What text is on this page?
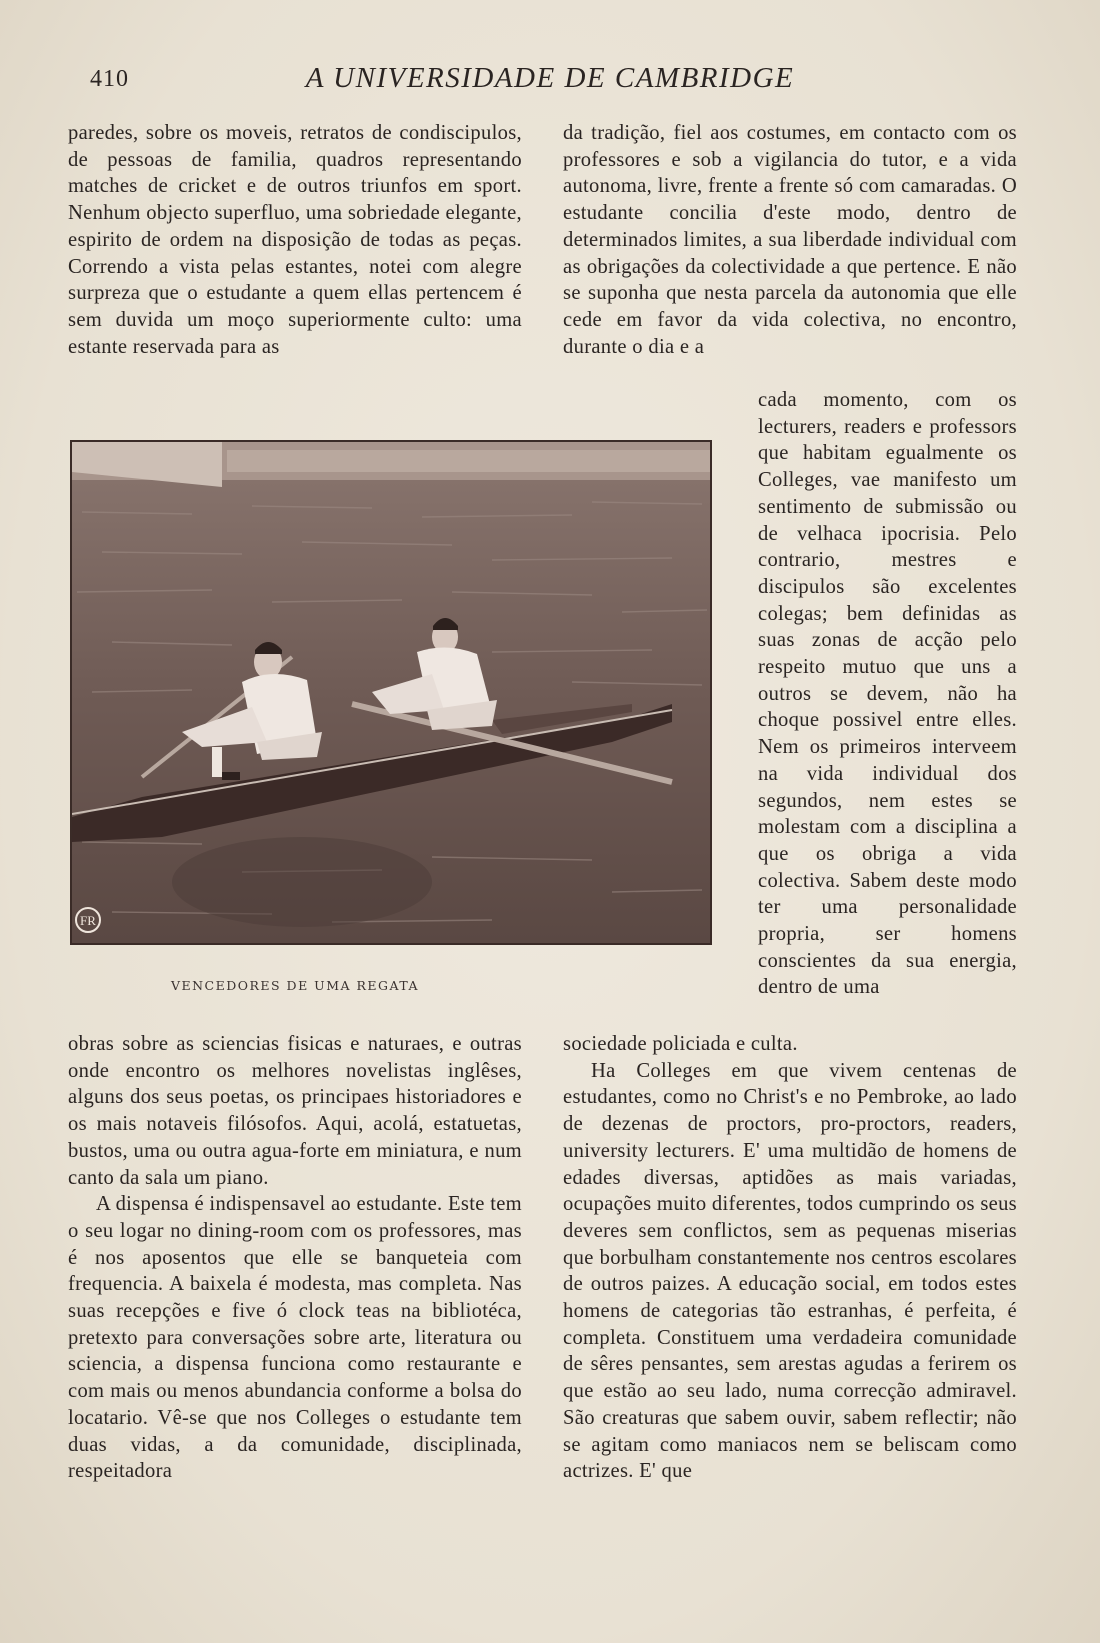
410	A UNIVERSIDADE DE CAMBRIDGE

paredes, sobre os moveis, retratos de condiscipulos, de pessoas de familia, quadros representando matches de cricket e de outros triunfos em sport. Nenhum objecto superfluo, uma sobriedade elegante, espirito de ordem na disposição de todas as peças. Correndo a vista pelas estantes, notei com alegre surpreza que o estudante a quem ellas pertencem é sem duvida um moço superiormente culto: uma estante reservada para as

FR
VENCEDORES DE UMA REGATA

obras sobre as sciencias fisicas e naturaes, e outras onde encontro os melhores novelistas inglêses, alguns dos seus poetas, os principaes historiadores e os mais notaveis filósofos. Aqui, acolá, estatuetas, bustos, uma ou outra agua-forte em miniatura, e num canto da sala um piano.

A dispensa é indispensavel ao estudante. Este tem o seu logar no dining-room com os professores, mas é nos aposentos que elle se banqueteia com frequencia. A baixela é modesta, mas completa. Nas suas recepções e five ó clock teas na bibliotéca, pretexto para conversações sobre arte, literatura ou sciencia, a dispensa funciona como restaurante e com mais ou menos abundancia conforme a bolsa do locatario. Vê-se que nos Colleges o estudante tem duas vidas, a da comunidade, disciplinada, respeitadora

da tradição, fiel aos costumes, em contacto com os professores e sob a vigilancia do tutor, e a vida autonoma, livre, frente a frente só com camaradas. O estudante concilia d'este modo, dentro de determinados limites, a sua liberdade individual com as obrigações da colectividade a que pertence. E não se suponha que nesta parcela da autonomia que elle cede em favor da vida colectiva, no encontro, durante o dia e a

cada momento, com os lecturers, readers e professors que habitam egualmente os Colleges, vae manifesto um sentimento de submissão ou de velhaca ipocrisia. Pelo contrario, mestres e discipulos são excelentes colegas; bem definidas as suas zonas de acção pelo respeito mutuo que uns a outros se devem, não ha choque possivel entre elles. Nem os primeiros interveem na vida individual dos segundos, nem estes se molestam com a disciplina a que os obriga a vida colectiva. Sabem deste modo ter uma personalidade propria, ser homens conscientes da sua energia, dentro de uma

sociedade policiada e culta.

Ha Colleges em que vivem centenas de estudantes, como no Christ's e no Pembroke, ao lado de dezenas de proctors, pro-proctors, readers, university lecturers. E' uma multidão de homens de edades diversas, aptidões as mais variadas, ocupações muito diferentes, todos cumprindo os seus deveres sem conflictos, sem as pequenas miserias que borbulham constantemente nos centros escolares de outros paizes. A educação social, em todos estes homens de categorias tão estranhas, é perfeita, é completa. Constituem uma verdadeira comunidade de sêres pensantes, sem arestas agudas a ferirem os que estão ao seu lado, numa correcção admiravel. São creaturas que sabem ouvir, sabem reflectir; não se agitam como maniacos nem se beliscam como actrizes. E' que
